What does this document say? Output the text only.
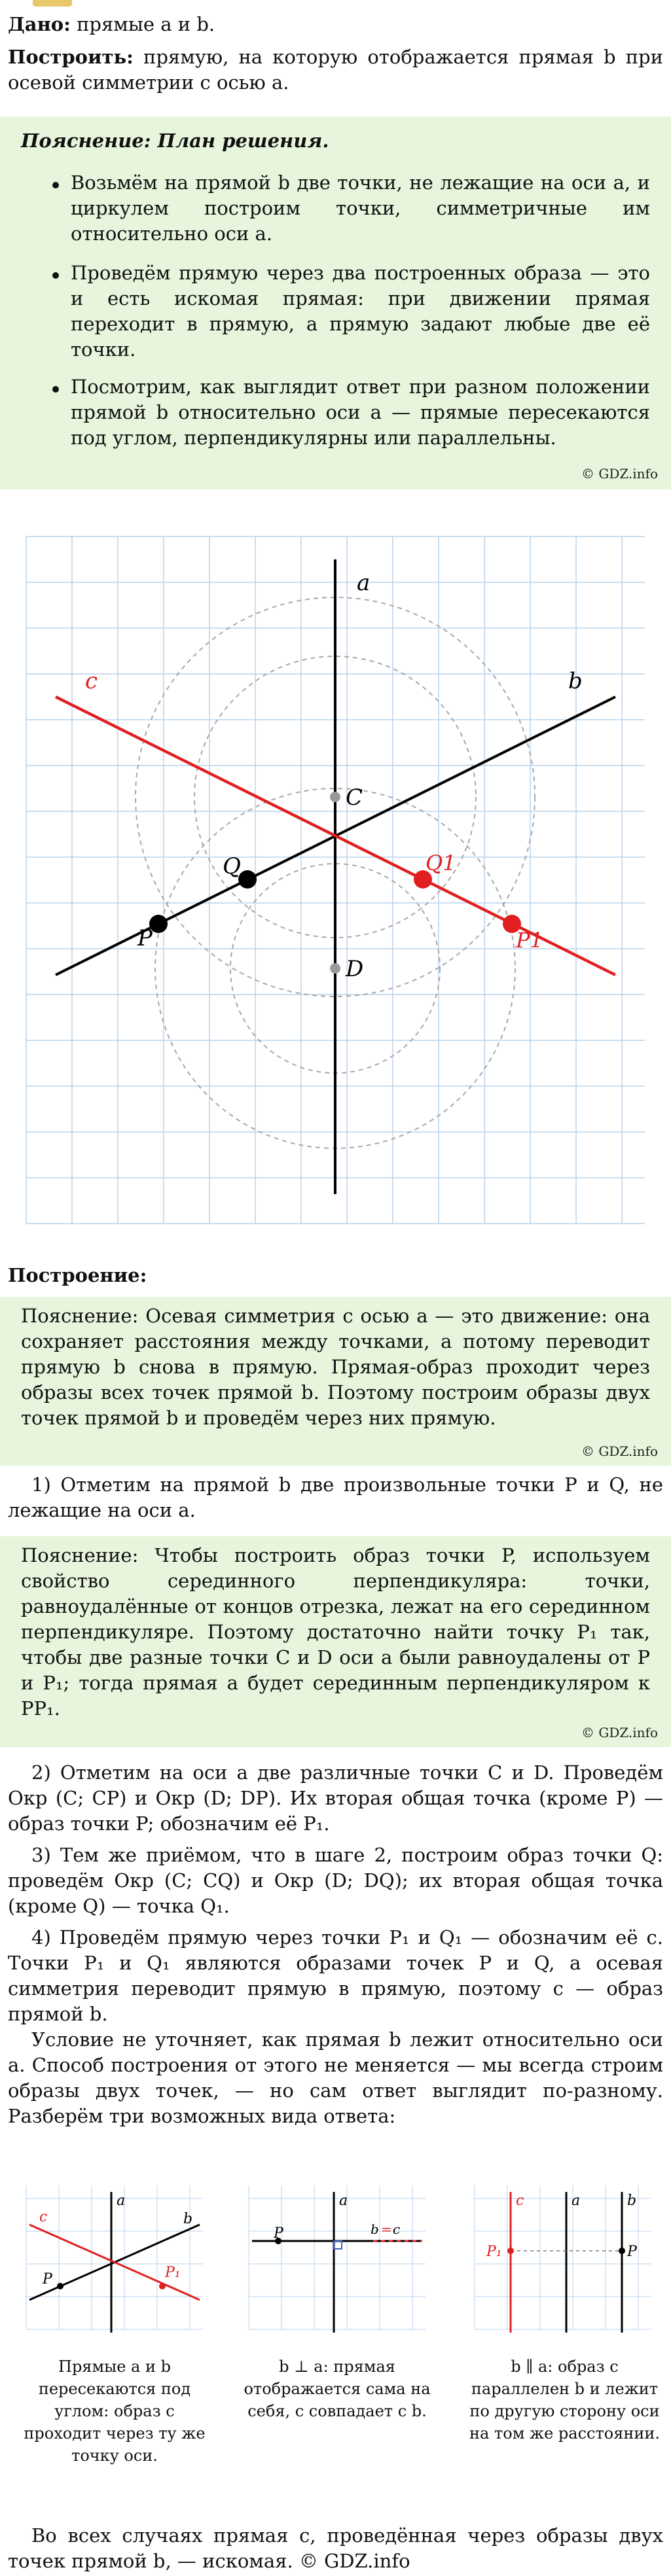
Дано: прямые a и b.
Построить: прямую, на которую отображается прямая b при осевой симметрии с осью a.
Пояснение: План решения.
Возьмём на прямой b две точки, не лежащие на оси a, и циркулем построим точки, симметричные им относительно оси a.
Проведём прямую через два построенных образа — это и есть искомая прямая: при движении прямая переходит в прямую, а прямую задают любые две её точки.
Посмотрим, как выглядит ответ при разном положении прямой b относительно оси a — прямые пересекаются под углом, перпендикулярны или параллельны.
© GDZ.info
a
b
c
C
D
P
Q
P1
Q1
Построение:
Пояснение: Осевая симметрия с осью a — это движение: она сохраняет расстояния между точками, а потому переводит прямую b снова в прямую. Прямая-образ проходит через образы всех точек прямой b. Поэтому построим образы двух точек прямой b и проведём через них прямую.
© GDZ.info
1) Отметим на прямой b две произвольные точки P и Q, не лежащие на оси a.
Пояснение: Чтобы построить образ точки P, используем свойство серединного перпендикуляра: точки, равноудалённые от концов отрезка, лежат на его серединном перпендикуляре. Поэтому достаточно найти точку P₁ так, чтобы две разные точки C и D оси a были равноудалены от P и P₁; тогда прямая a будет серединным перпендикуляром к PP₁.
© GDZ.info
2) Отметим на оси a две различные точки C и D. Проведём Окр (C; CP) и Окр (D; DP). Их вторая общая точка (кроме P) — образ точки P; обозначим её P₁.
3) Тем же приёмом, что в шаге 2, построим образ точки Q: проведём Окр (C; CQ) и Окр (D; DQ); их вторая общая точка (кроме Q) — точка Q₁.
4) Проведём прямую через точки P₁ и Q₁ — обозначим её c. Точки P₁ и Q₁ являются образами точек P и Q, а осевая симметрия переводит прямую в прямую, поэтому c — образ прямой b.
Условие не уточняет, как прямая b лежит относительно оси a. Способ построения от этого не меняется — мы всегда строим образы двух точек, — но сам ответ выглядит по-разному. Разберём три возможных вида ответа:
a
b
c
P	P₁
a
P	b = c
a	b
c
P
P₁
Прямые a и b пересекаются под углом: образ c проходит через ту же точку оси.
b ⊥ a: прямая отображается сама на себя, c совпадает с b.
b ∥ a: образ c параллелен b и лежит по другую сторону оси на том же расстоянии.
Во всех случаях прямая c, проведённая через образы двух точек прямой b, — искомая. © GDZ.info
